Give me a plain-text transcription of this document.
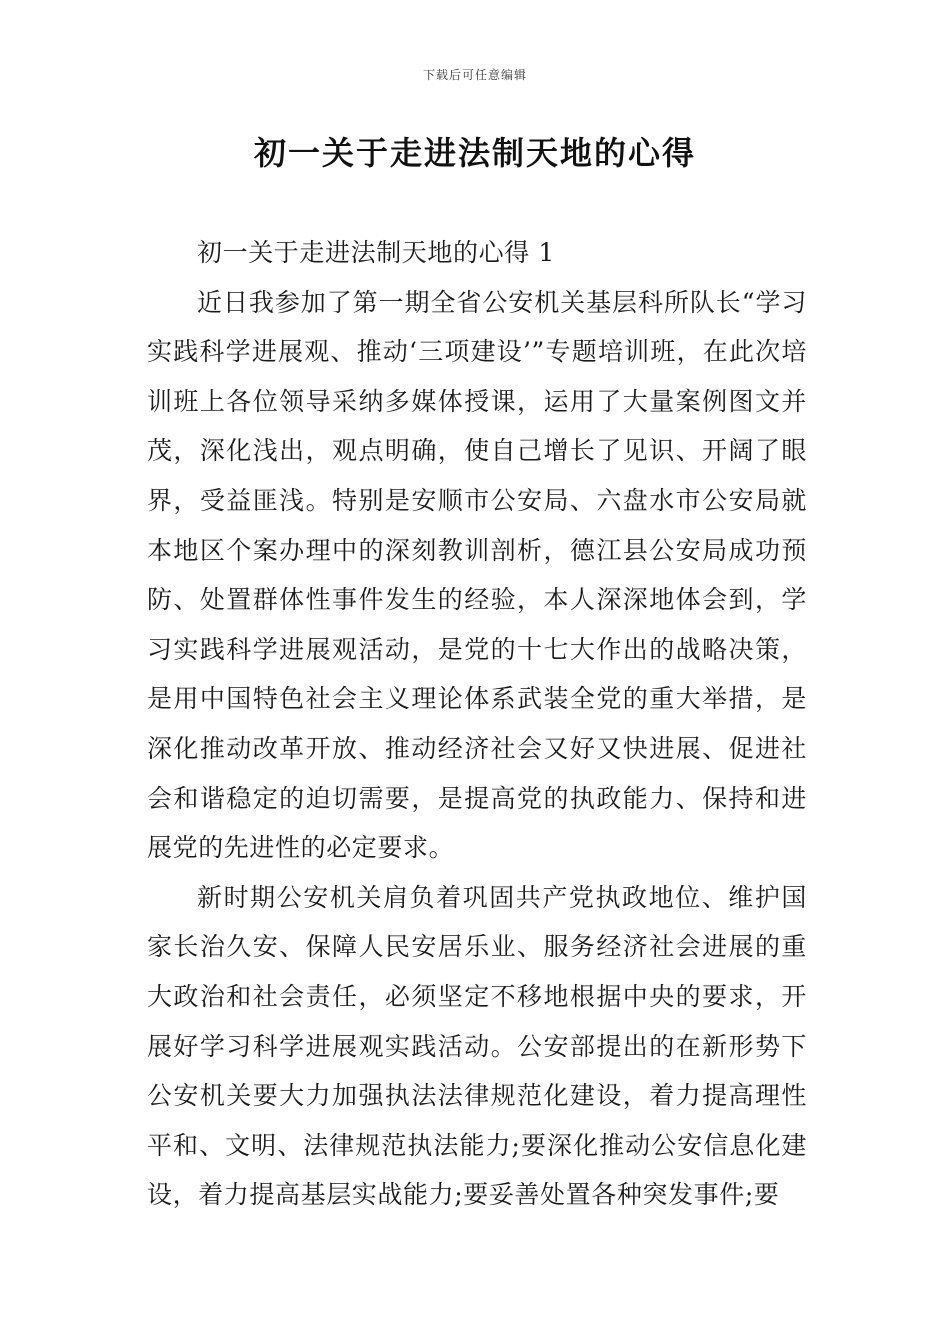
下载后可任意编辑
初一关于走进法制天地的心得

初一关于走进法制天地的心得 1

近日我参加了第一期全省公安机关基层科所队长“学习实践科学进展观、推动‘三项建设’”专题培训班，在此次培训班上各位领导采纳多媒体授课，运用了大量案例图文并茂，深化浅出，观点明确，使自己增长了见识、开阔了眼界，受益匪浅。特别是安顺市公安局、六盘水市公安局就本地区个案办理中的深刻教训剖析，德江县公安局成功预防、处置群体性事件发生的经验，本人深深地体会到，学习实践科学进展观活动，是党的十七大作出的战略决策，是用中国特色社会主义理论体系武装全党的重大举措，是深化推动改革开放、推动经济社会又好又快进展、促进社会和谐稳定的迫切需要，是提高党的执政能力、保持和进展党的先进性的必定要求。

新时期公安机关肩负着巩固共产党执政地位、维护国家长治久安、保障人民安居乐业、服务经济社会进展的重大政治和社会责任，必须坚定不移地根据中央的要求，开展好学习科学进展观实践活动。公安部提出的在新形势下公安机关要大力加强执法法律规范化建设，着力提高理性平和、文明、法律规范执法能力;要深化推动公安信息化建设，着力提高基层实战能力;要妥善处置各种突发事件;要
